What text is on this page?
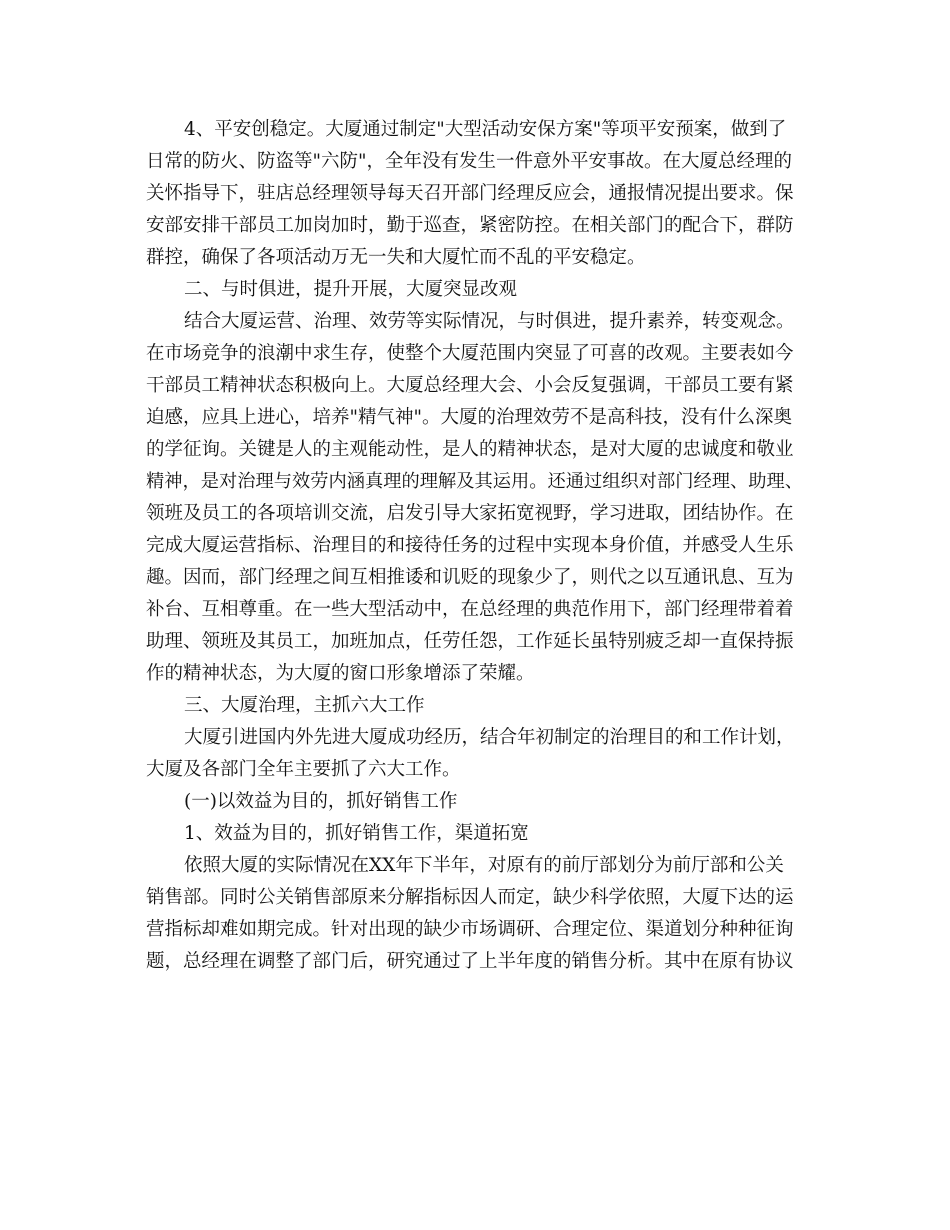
4、平安创稳定。大厦通过制定"大型活动安保方案"等项平安预案，做到了

日常的防火、防盗等"六防"，全年没有发生一件意外平安事故。在大厦总经理的

关怀指导下，驻店总经理领导每天召开部门经理反应会，通报情况提出要求。保

安部安排干部员工加岗加时，勤于巡查，紧密防控。在相关部门的配合下，群防

群控，确保了各项活动万无一失和大厦忙而不乱的平安稳定。

二、与时俱进，提升开展，大厦突显改观

结合大厦运营、治理、效劳等实际情况，与时俱进，提升素养，转变观念。

在市场竞争的浪潮中求生存，使整个大厦范围内突显了可喜的改观。主要表如今

干部员工精神状态积极向上。大厦总经理大会、小会反复强调，干部员工要有紧

迫感，应具上进心，培养"精气神"。大厦的治理效劳不是高科技，没有什么深奥

的学征询。关键是人的主观能动性，是人的精神状态，是对大厦的忠诚度和敬业

精神，是对治理与效劳内涵真理的理解及其运用。还通过组织对部门经理、助理、

领班及员工的各项培训交流，启发引导大家拓宽视野，学习进取，团结协作。在

完成大厦运营指标、治理目的和接待任务的过程中实现本身价值，并感受人生乐

趣。因而，部门经理之间互相推诿和讥贬的现象少了，则代之以互通讯息、互为

补台、互相尊重。在一些大型活动中，在总经理的典范作用下，部门经理带着着

助理、领班及其员工，加班加点，任劳任怨，工作延长虽特别疲乏却一直保持振

作的精神状态，为大厦的窗口形象增添了荣耀。

三、大厦治理，主抓六大工作

大厦引进国内外先进大厦成功经历，结合年初制定的治理目的和工作计划，

大厦及各部门全年主要抓了六大工作。

(一)以效益为目的，抓好销售工作

1、效益为目的，抓好销售工作，渠道拓宽

依照大厦的实际情况在XX年下半年，对原有的前厅部划分为前厅部和公关

销售部。同时公关销售部原来分解指标因人而定，缺少科学依照，大厦下达的运

营指标却难如期完成。针对出现的缺少市场调研、合理定位、渠道划分种种征询

题，总经理在调整了部门后，研究通过了上半年度的销售分析。其中在原有协议
